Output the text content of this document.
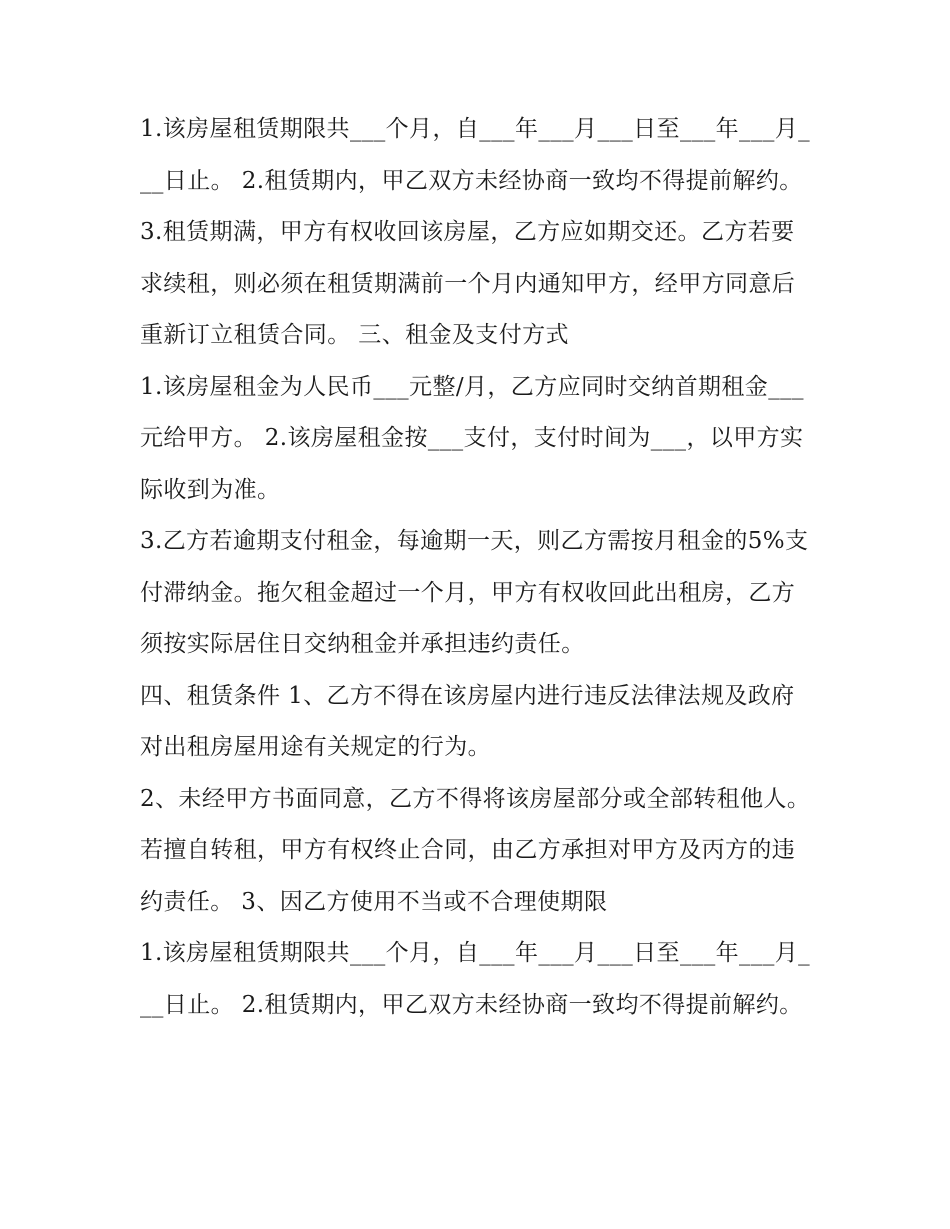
1.该房屋租赁期限共___个月，自___年___月___日至___年___月___日止。 2.租赁期内，甲乙双方未经协商一致均不得提前解约。

3.租赁期满，甲方有权收回该房屋，乙方应如期交还。乙方若要求续租，则必须在租赁期满前一个月内通知甲方，经甲方同意后重新订立租赁合同。 三、租金及支付方式

1.该房屋租金为人民币___元整/月，乙方应同时交纳首期租金___元给甲方。 2.该房屋租金按___支付，支付时间为___，以甲方实际收到为准。

3.乙方若逾期支付租金，每逾期一天，则乙方需按月租金的5%支付滞纳金。拖欠租金超过一个月，甲方有权收回此出租房，乙方须按实际居住日交纳租金并承担违约责任。

四、租赁条件 1、乙方不得在该房屋内进行违反法律法规及政府对出租房屋用途有关规定的行为。

2、未经甲方书面同意，乙方不得将该房屋部分或全部转租他人。若擅自转租，甲方有权终止合同，由乙方承担对甲方及丙方的违约责任。 3、因乙方使用不当或不合理使期限

1.该房屋租赁期限共___个月，自___年___月___日至___年___月___日止。 2.租赁期内，甲乙双方未经协商一致均不得提前解约。
